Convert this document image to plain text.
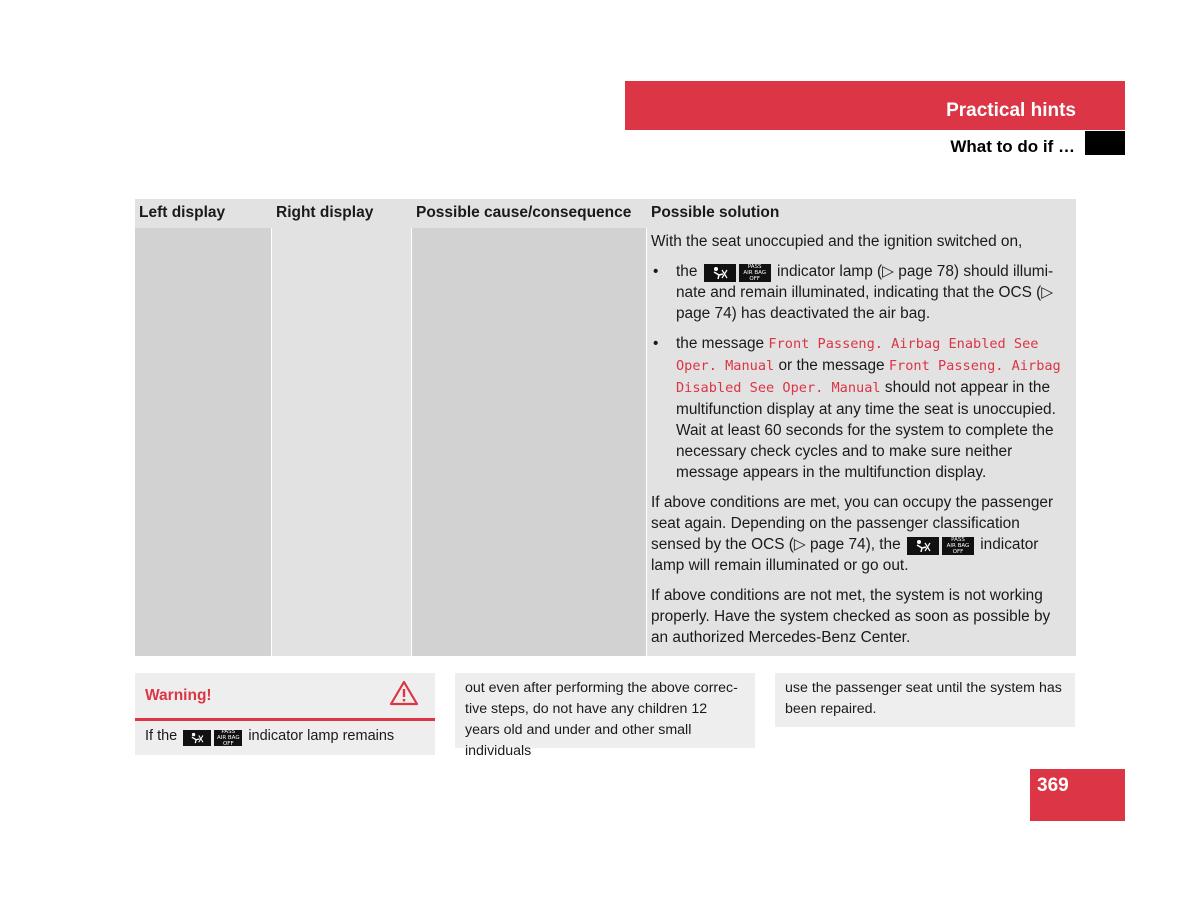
Practical hints
What to do if …
Left display	Right display	Possible cause/consequence	Possible solution

With the seat unoccupied and the ignition switched on,

•	the	PASS
AIR BAG OFF	indicator lamp (▷ page 78) should illumi-nate and remain illuminated, indicating that the OCS (▷ page 74) has deactivated the air bag.
•	the message Front Passeng. Airbag Enabled See Oper. Manual or the message Front Passeng. Airbag Disabled See Oper. Manual should not appear in the multifunction display at any time the seat is unoccupied. Wait at least 60 seconds for the system to complete the necessary check cycles and to make sure neither message appears in the multifunction display.

If above conditions are met, you can occupy the passenger seat again. Depending on the passenger classification sensed by the OCS (▷ page 74), the	PASS
AIR BAG OFF	indicator lamp will remain illuminated or go out.

If above conditions are not met, the system is not working properly. Have the system checked as soon as possible by an authorized Mercedes-Benz Center.

Warning!
If the	PASS
AIR BAG OFF	indicator lamp remains
out even after performing the above correc-tive steps, do not have any children 12 years old and under and other small individuals
use the passenger seat until the system has been repaired.
369
